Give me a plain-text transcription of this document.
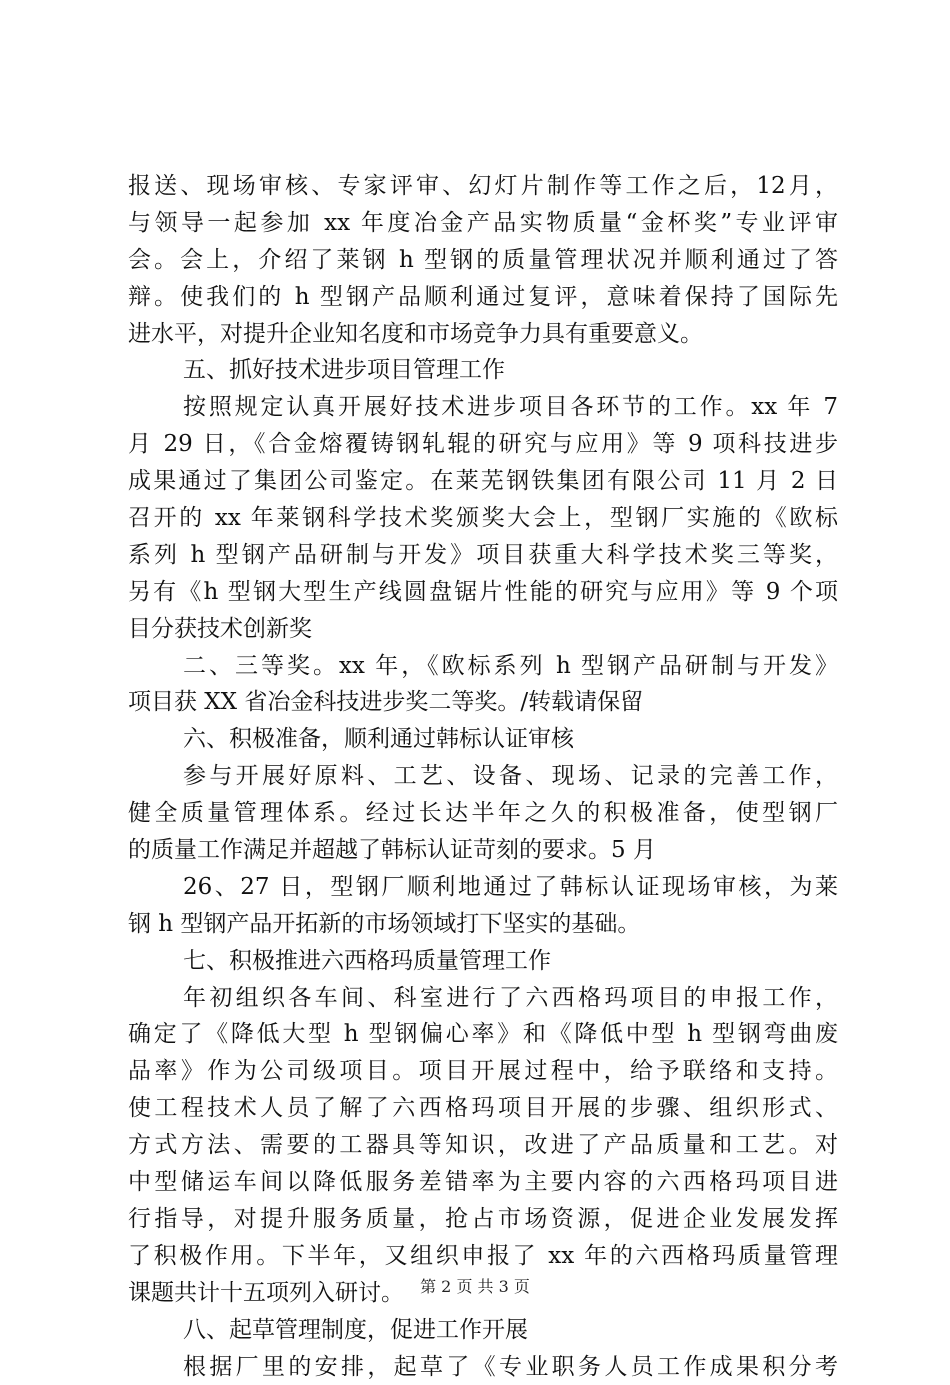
报送、现场审核、专家评审、幻灯片制作等工作之后，12月，
与领导一起参加 xx 年度冶金产品实物质量“金杯奖”专业评审
会。会上，介绍了莱钢 h 型钢的质量管理状况并顺利通过了答
辩。使我们的 h 型钢产品顺利通过复评，意味着保持了国际先
进水平，对提升企业知名度和市场竞争力具有重要意义。
五、抓好技术进步项目管理工作
按照规定认真开展好技术进步项目各环节的工作。xx 年 7
月 29 日，《合金熔覆铸钢轧辊的研究与应用》等 9 项科技进步
成果通过了集团公司鉴定。在莱芜钢铁集团有限公司 11 月 2 日
召开的 xx 年莱钢科学技术奖颁奖大会上，型钢厂实施的《欧标
系列 h 型钢产品研制与开发》项目获重大科学技术奖三等奖，
另有《h 型钢大型生产线圆盘锯片性能的研究与应用》等 9 个项
目分获技术创新奖
二、三等奖。xx 年，《欧标系列 h 型钢产品研制与开发》
项目获 XX 省冶金科技进步奖二等奖。/转载请保留
六、积极准备，顺利通过韩标认证审核
参与开展好原料、工艺、设备、现场、记录的完善工作，
健全质量管理体系。经过长达半年之久的积极准备，使型钢厂
的质量工作满足并超越了韩标认证苛刻的要求。5 月
26、27 日，型钢厂顺利地通过了韩标认证现场审核，为莱
钢 h 型钢产品开拓新的市场领域打下坚实的基础。
七、积极推进六西格玛质量管理工作
年初组织各车间、科室进行了六西格玛项目的申报工作，
确定了《降低大型 h 型钢偏心率》和《降低中型 h 型钢弯曲废
品率》作为公司级项目。项目开展过程中，给予联络和支持。
使工程技术人员了解了六西格玛项目开展的步骤、组织形式、
方式方法、需要的工器具等知识，改进了产品质量和工艺。对
中型储运车间以降低服务差错率为主要内容的六西格玛项目进
行指导，对提升服务质量，抢占市场资源，促进企业发展发挥
了积极作用。下半年，又组织申报了 xx 年的六西格玛质量管理
课题共计十五项列入研讨。
八、起草管理制度，促进工作开展
根据厂里的安排，起草了《专业职务人员工作成果积分考
第 2 页 共 3 页
